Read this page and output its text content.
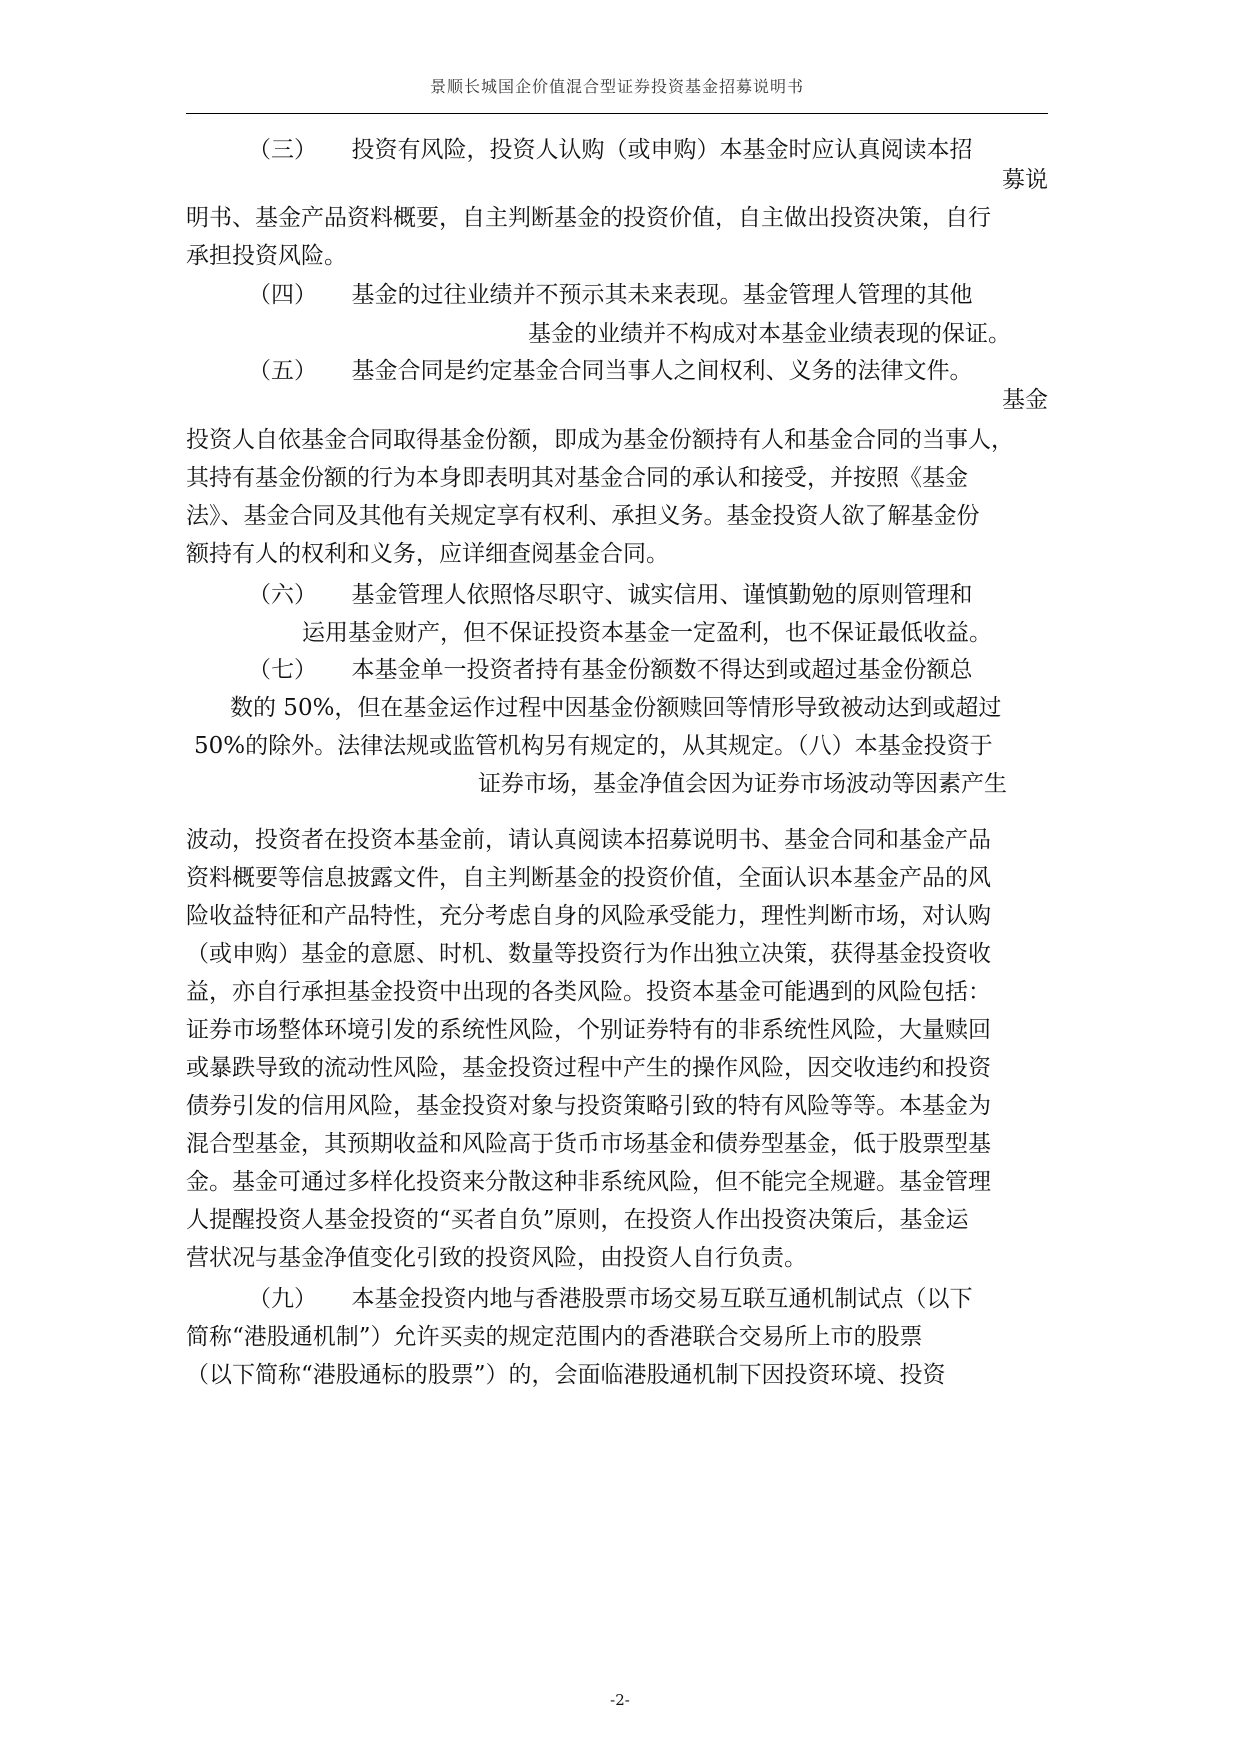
景顺长城国企价值混合型证券投资基金招募说明书
（三）　　投资有风险，投资人认购（或申购）本基金时应认真阅读本招
募说
明书、基金产品资料概要，自主判断基金的投资价值，自主做出投资决策，自行
承担投资风险。
（四）　　基金的过往业绩并不预示其未来表现。基金管理人管理的其他
基金的业绩并不构成对本基金业绩表现的保证。
（五）　　基金合同是约定基金合同当事人之间权利、义务的法律文件。
基金
投资人自依基金合同取得基金份额，即成为基金份额持有人和基金合同的当事人，
其持有基金份额的行为本身即表明其对基金合同的承认和接受，并按照《基金
法》、基金合同及其他有关规定享有权利、承担义务。基金投资人欲了解基金份
额持有人的权利和义务，应详细查阅基金合同。
（六）　　基金管理人依照恪尽职守、诚实信用、谨慎勤勉的原则管理和
运用基金财产，但不保证投资本基金一定盈利，也不保证最低收益。
（七）　　本基金单一投资者持有基金份额数不得达到或超过基金份额总
数的 50%，但在基金运作过程中因基金份额赎回等情形导致被动达到或超过
50%的除外。法律法规或监管机构另有规定的，从其规定。（八）本基金投资于
证券市场，基金净值会因为证券市场波动等因素产生
波动，投资者在投资本基金前，请认真阅读本招募说明书、基金合同和基金产品
资料概要等信息披露文件，自主判断基金的投资价值，全面认识本基金产品的风
险收益特征和产品特性，充分考虑自身的风险承受能力，理性判断市场，对认购
（或申购）基金的意愿、时机、数量等投资行为作出独立决策，获得基金投资收
益，亦自行承担基金投资中出现的各类风险。投资本基金可能遇到的风险包括：
证券市场整体环境引发的系统性风险，个别证券特有的非系统性风险，大量赎回
或暴跌导致的流动性风险，基金投资过程中产生的操作风险，因交收违约和投资
债券引发的信用风险，基金投资对象与投资策略引致的特有风险等等。本基金为
混合型基金，其预期收益和风险高于货币市场基金和债券型基金，低于股票型基
金。基金可通过多样化投资来分散这种非系统风险，但不能完全规避。基金管理
人提醒投资人基金投资的“买者自负”原则，在投资人作出投资决策后，基金运
营状况与基金净值变化引致的投资风险，由投资人自行负责。
（九）　　本基金投资内地与香港股票市场交易互联互通机制试点（以下
简称“港股通机制”）允许买卖的规定范围内的香港联合交易所上市的股票
（以下简称“港股通标的股票”）的，会面临港股通机制下因投资环境、投资
-2-
